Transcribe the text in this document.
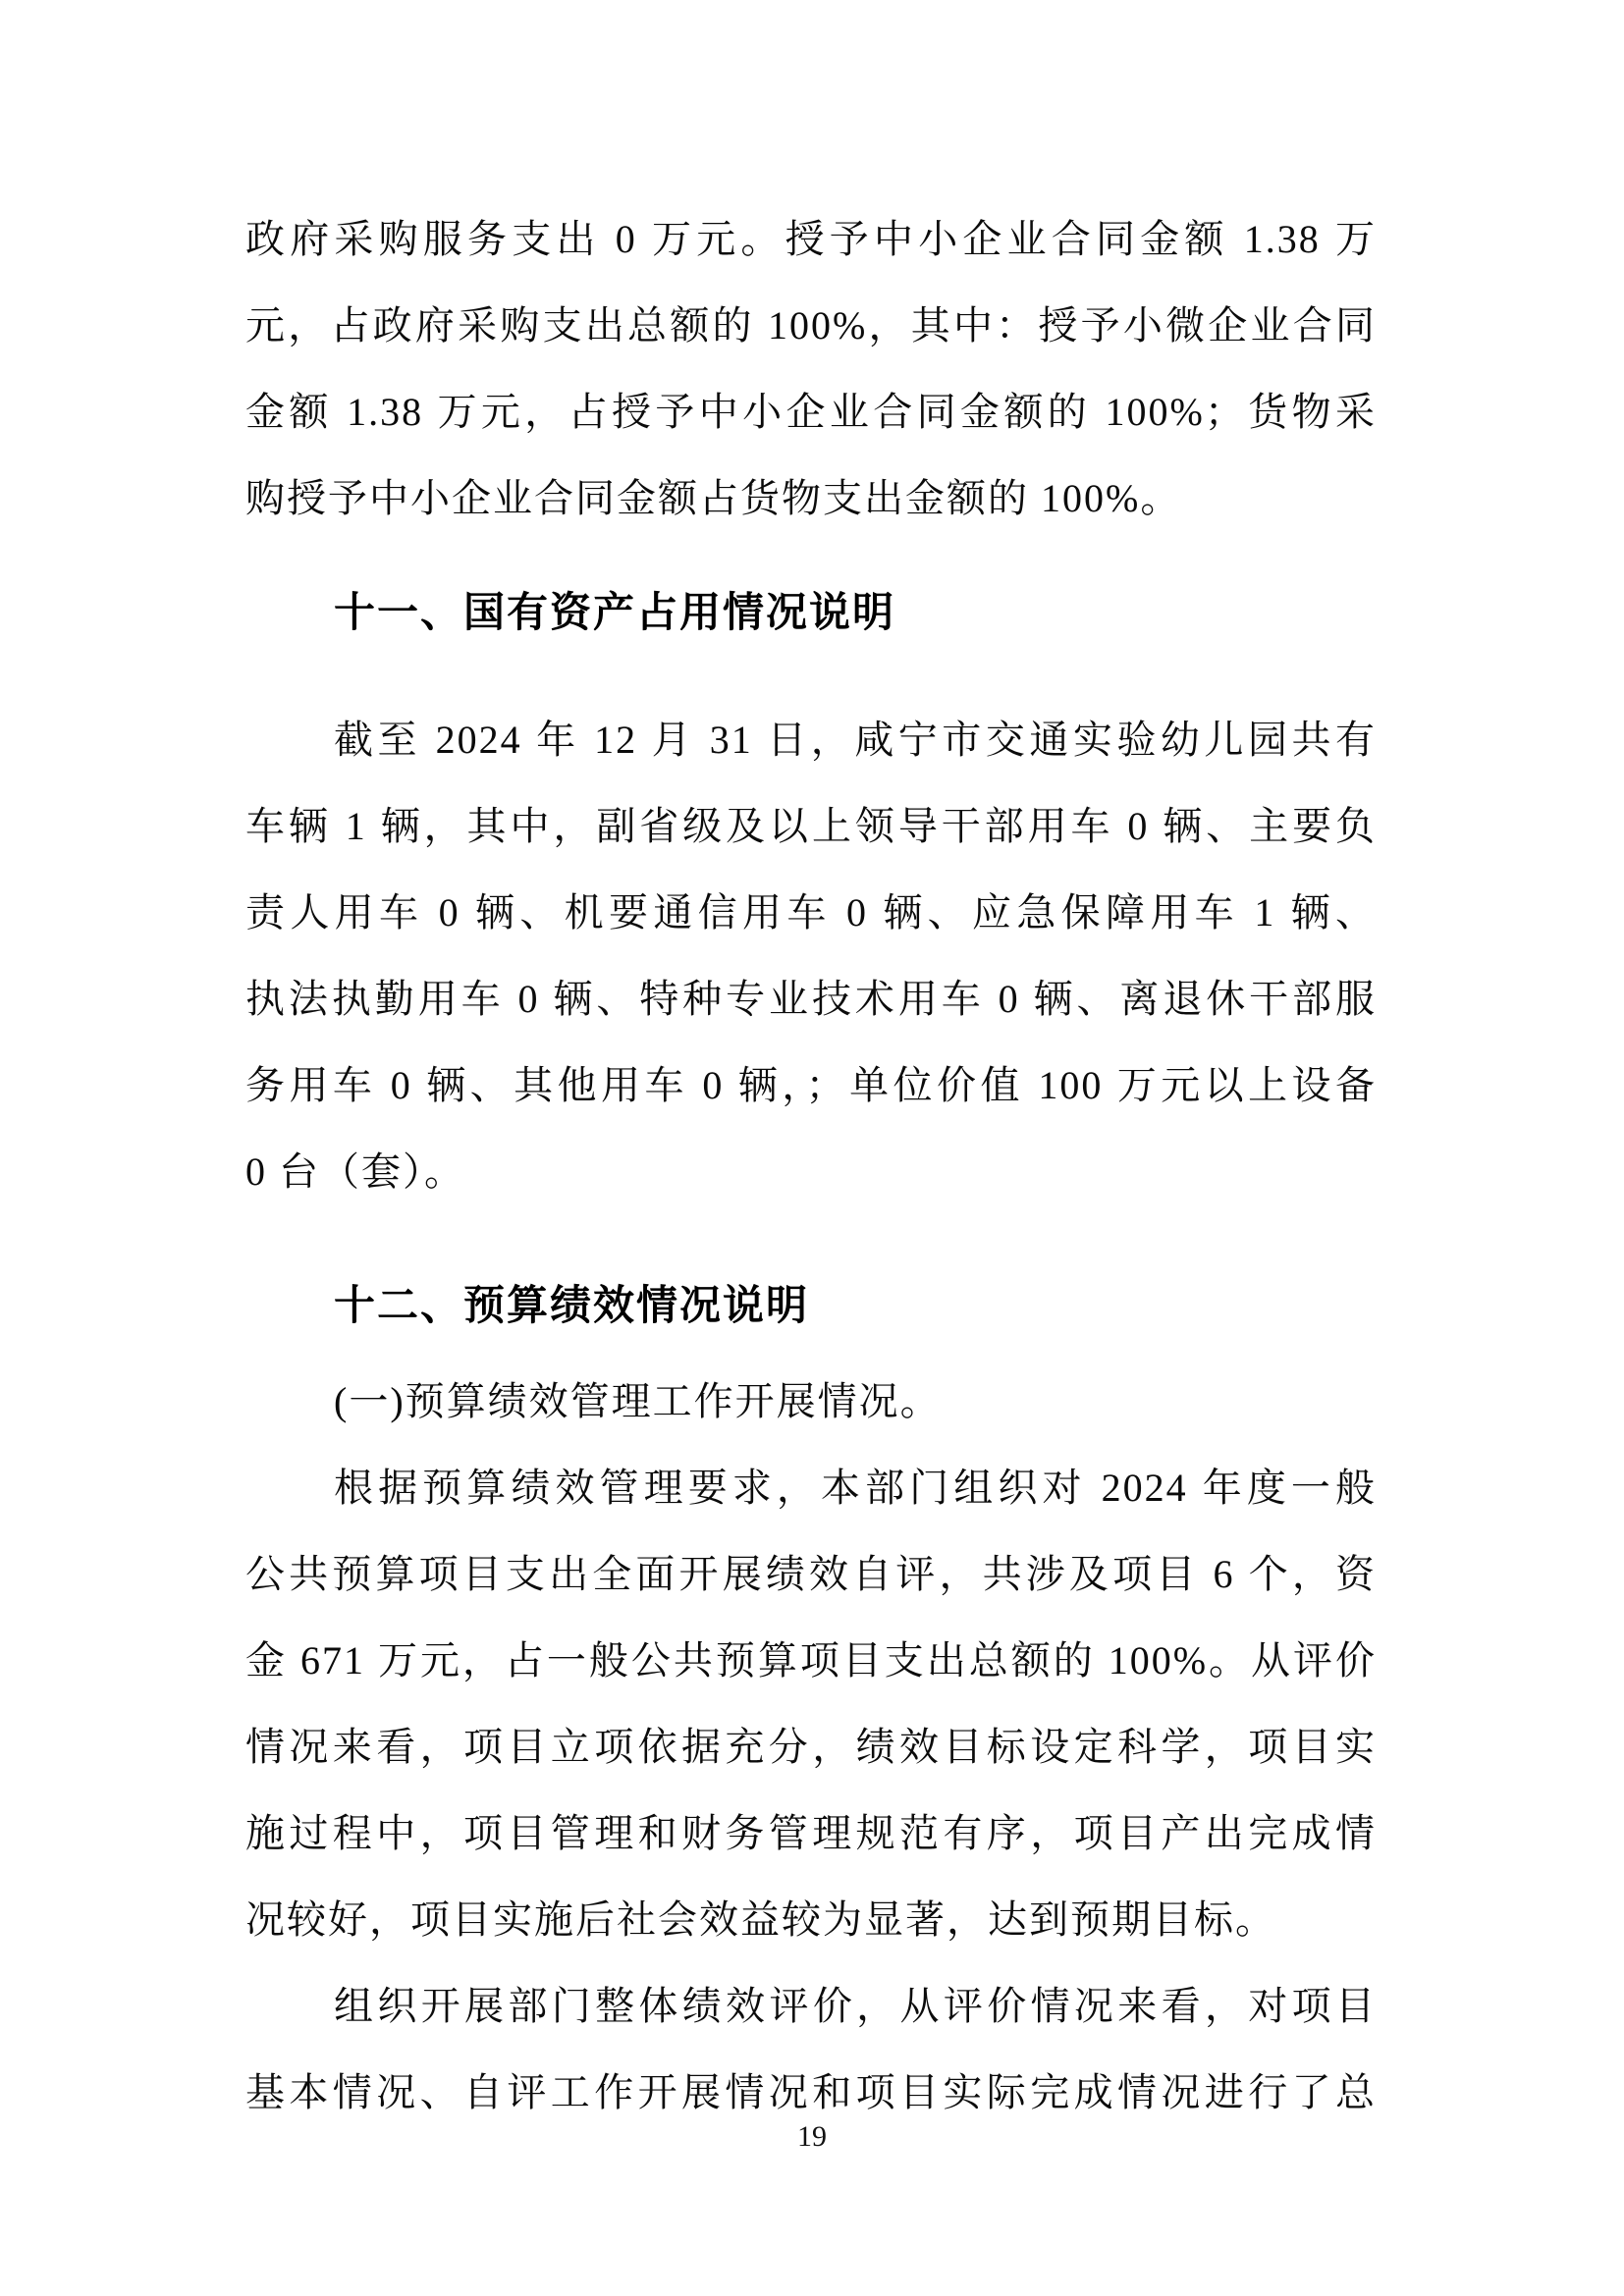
政府采购服务支出 0 万元。授予中小企业合同金额 1.38 万
元，占政府采购支出总额的 100%，其中：授予小微企业合同
金额 1.38 万元，占授予中小企业合同金额的 100%；货物采
购授予中小企业合同金额占货物支出金额的 100%。
十一、国有资产占用情况说明
截至 2024 年 12 月 31 日，咸宁市交通实验幼儿园共有
车辆 1 辆，其中，副省级及以上领导干部用车 0 辆、主要负
责人用车 0 辆、机要通信用车 0 辆、应急保障用车 1 辆、
执法执勤用车 0 辆、特种专业技术用车 0 辆、离退休干部服
务用车 0 辆、其他用车 0 辆，；单位价值 100 万元以上设备
0 台（套）。
十二、预算绩效情况说明
(一)预算绩效管理工作开展情况。
根据预算绩效管理要求，本部门组织对 2024 年度一般
公共预算项目支出全面开展绩效自评，共涉及项目 6 个，资
金 671 万元，占一般公共预算项目支出总额的 100%。从评价
情况来看，项目立项依据充分，绩效目标设定科学，项目实
施过程中，项目管理和财务管理规范有序，项目产出完成情
况较好，项目实施后社会效益较为显著，达到预期目标。
组织开展部门整体绩效评价，从评价情况来看，对项目
基本情况、自评工作开展情况和项目实际完成情况进行了总
19
